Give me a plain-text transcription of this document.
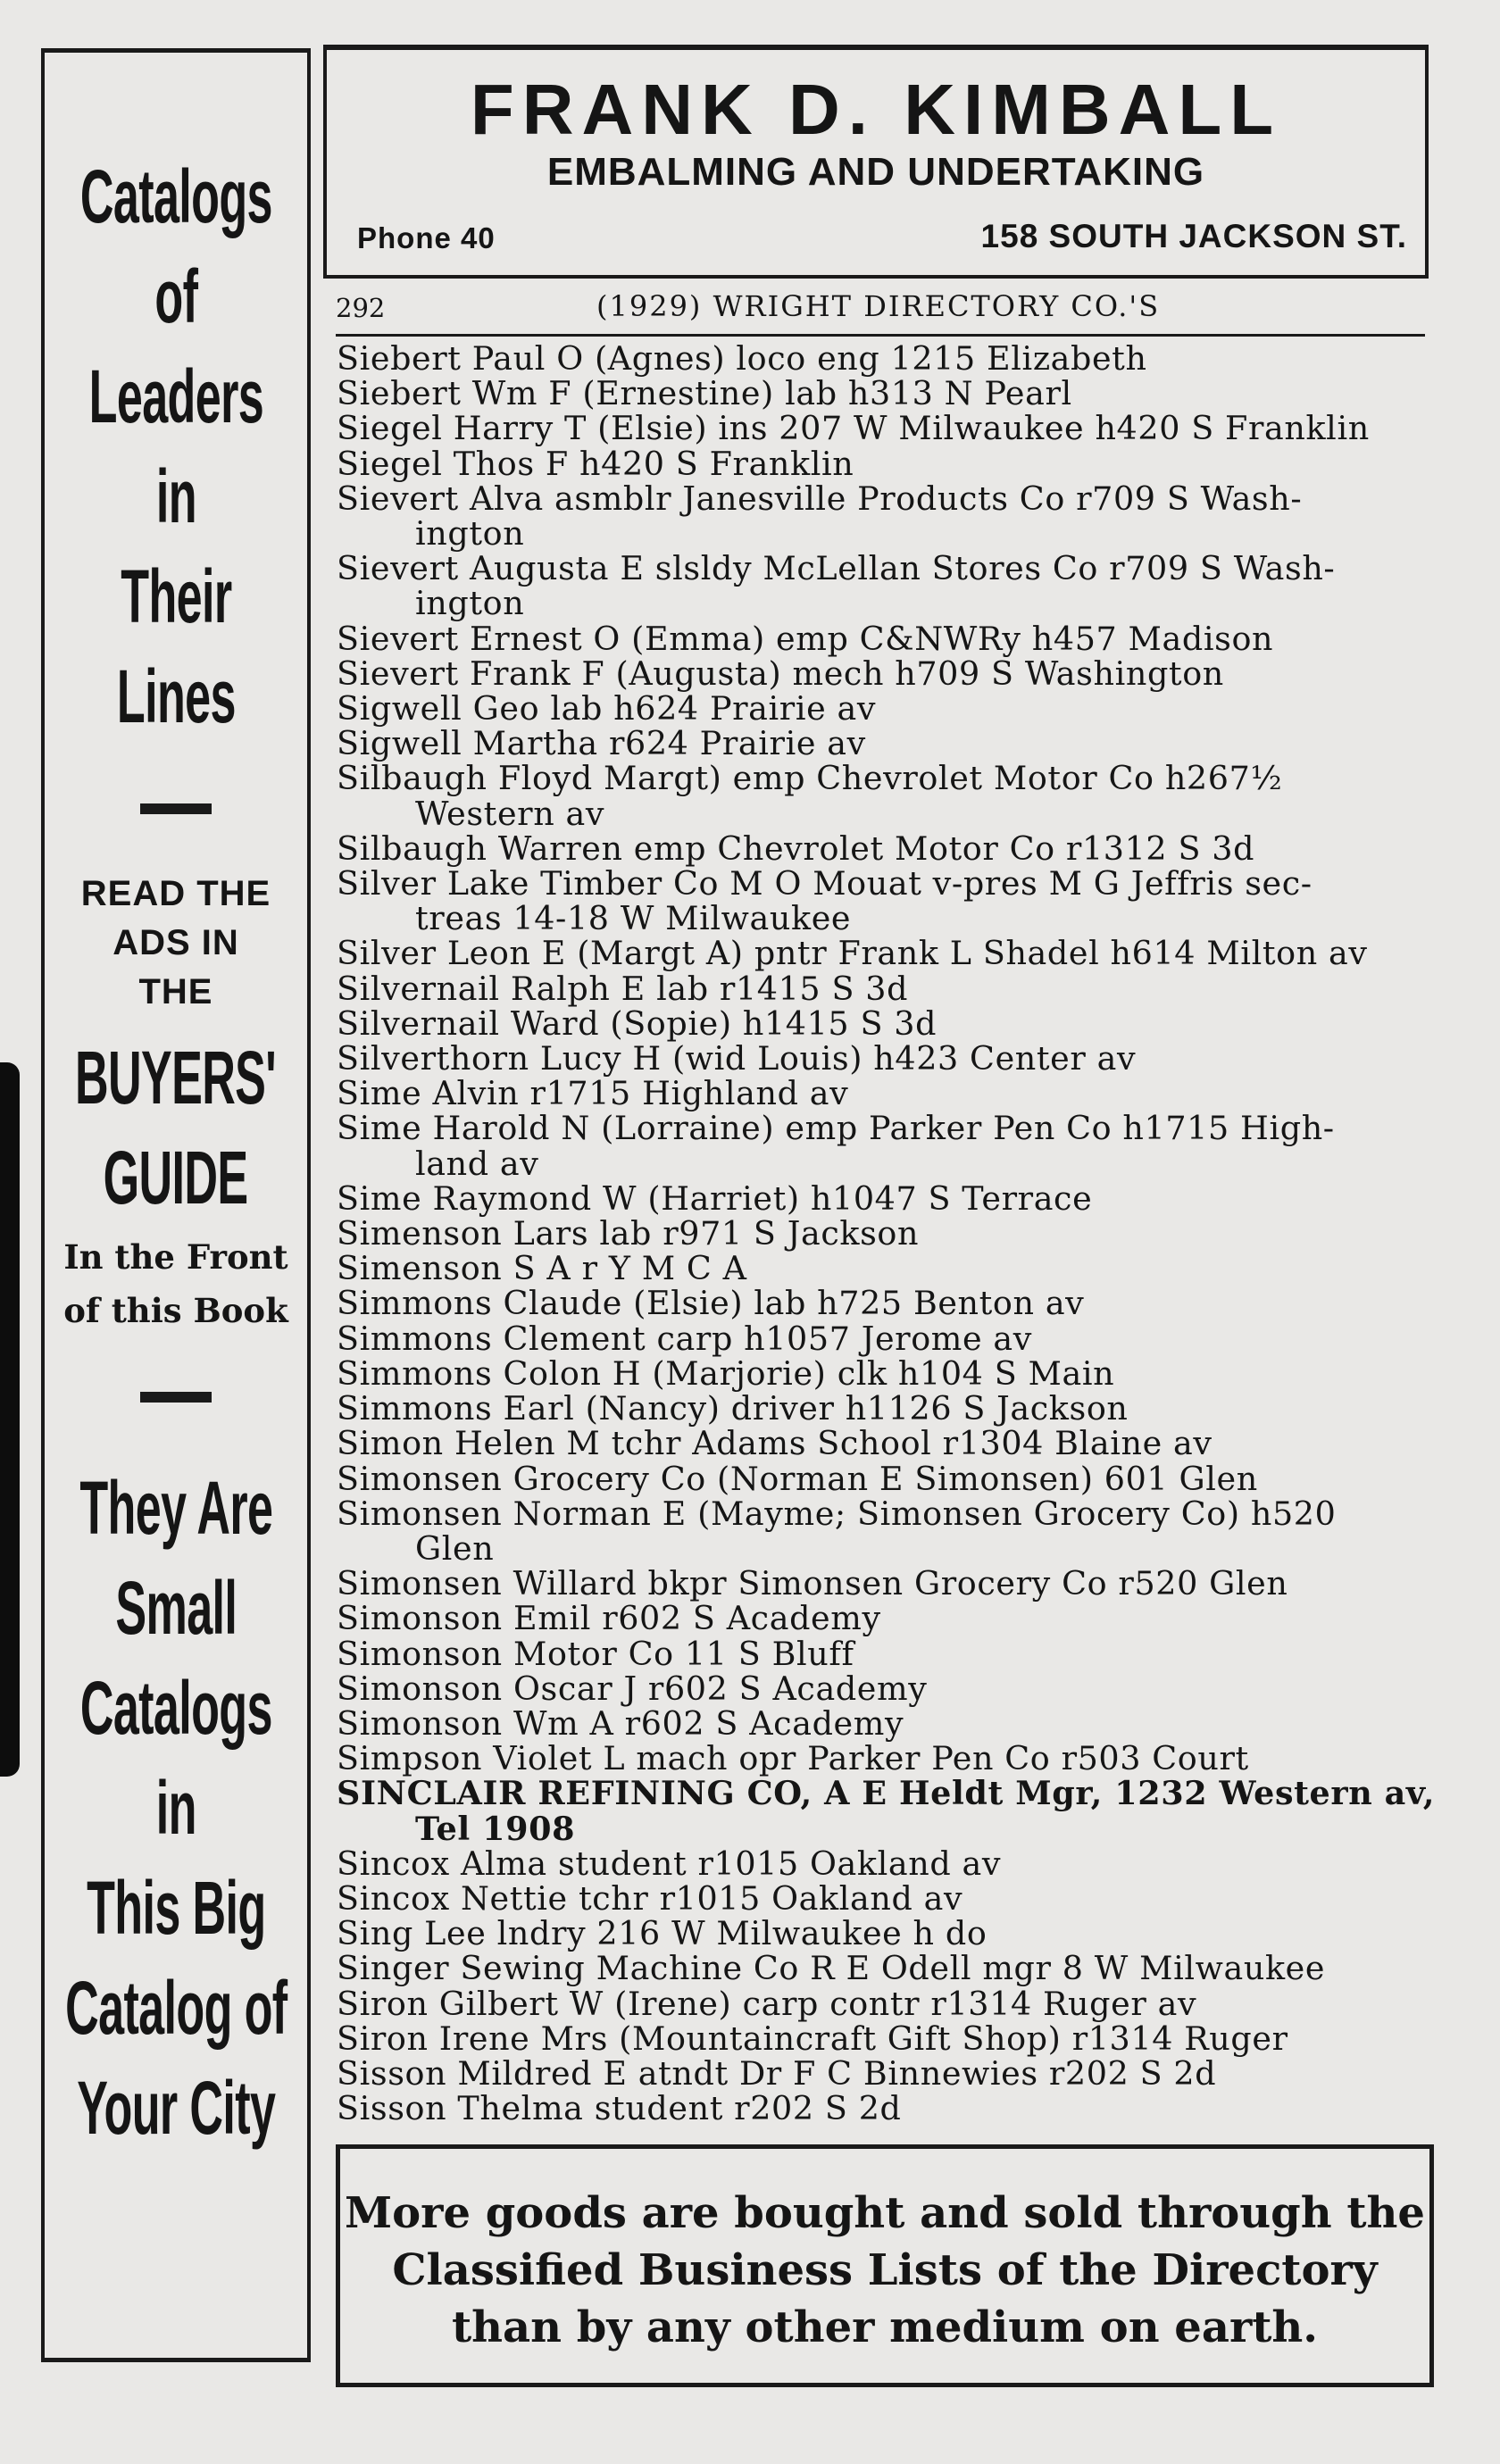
Catalogs
of
Leaders
in
Their
Lines
READ THE
ADS IN
THE
BUYERS'
GUIDE
In the Front
of this Book
They Are
Small
Catalogs
in
This Big
Catalog of
Your City
FRANK D. KIMBALL
EMBALMING AND UNDERTAKING
Phone 40	158 SOUTH JACKSON ST.
292	(1929) WRIGHT DIRECTORY CO.'S
Siebert Paul O (Agnes) loco eng 1215 Elizabeth
Siebert Wm F (Ernestine) lab h313 N Pearl
Siegel Harry T (Elsie) ins 207 W Milwaukee h420 S Franklin
Siegel Thos F h420 S Franklin
Sievert Alva asmblr Janesville Products Co r709 S Wash-
ington
Sievert Augusta E slsldy McLellan Stores Co r709 S Wash-
ington
Sievert Ernest O (Emma) emp C&NWRy h457 Madison
Sievert Frank F (Augusta) mech h709 S Washington
Sigwell Geo lab h624 Prairie av
Sigwell Martha r624 Prairie av
Silbaugh Floyd Margt) emp Chevrolet Motor Co h267½
Western av
Silbaugh Warren emp Chevrolet Motor Co r1312 S 3d
Silver Lake Timber Co M O Mouat v-pres M G Jeffris sec-
treas 14-18 W Milwaukee
Silver Leon E (Margt A) pntr Frank L Shadel h614 Milton av
Silvernail Ralph E lab r1415 S 3d
Silvernail Ward (Sopie) h1415 S 3d
Silverthorn Lucy H (wid Louis) h423 Center av
Sime Alvin r1715 Highland av
Sime Harold N (Lorraine) emp Parker Pen Co h1715 High-
land av
Sime Raymond W (Harriet) h1047 S Terrace
Simenson Lars lab r971 S Jackson
Simenson S A r Y M C A
Simmons Claude (Elsie) lab h725 Benton av
Simmons Clement carp h1057 Jerome av
Simmons Colon H (Marjorie) clk h104 S Main
Simmons Earl (Nancy) driver h1126 S Jackson
Simon Helen M tchr Adams School r1304 Blaine av
Simonsen Grocery Co (Norman E Simonsen) 601 Glen
Simonsen Norman E (Mayme; Simonsen Grocery Co) h520
Glen
Simonsen Willard bkpr Simonsen Grocery Co r520 Glen
Simonson Emil r602 S Academy
Simonson Motor Co 11 S Bluff
Simonson Oscar J r602 S Academy
Simonson Wm A r602 S Academy
Simpson Violet L mach opr Parker Pen Co r503 Court
SINCLAIR REFINING CO, A E Heldt Mgr, 1232 Western av,
Tel 1908
Sincox Alma student r1015 Oakland av
Sincox Nettie tchr r1015 Oakland av
Sing Lee lndry 216 W Milwaukee h do
Singer Sewing Machine Co R E Odell mgr 8 W Milwaukee
Siron Gilbert W (Irene) carp contr r1314 Ruger av
Siron Irene Mrs (Mountaincraft Gift Shop) r1314 Ruger
Sisson Mildred E atndt Dr F C Binnewies r202 S 2d
Sisson Thelma student r202 S 2d
More goods are bought and sold through the
Classified Business Lists of the Directory
than by any other medium on earth.
